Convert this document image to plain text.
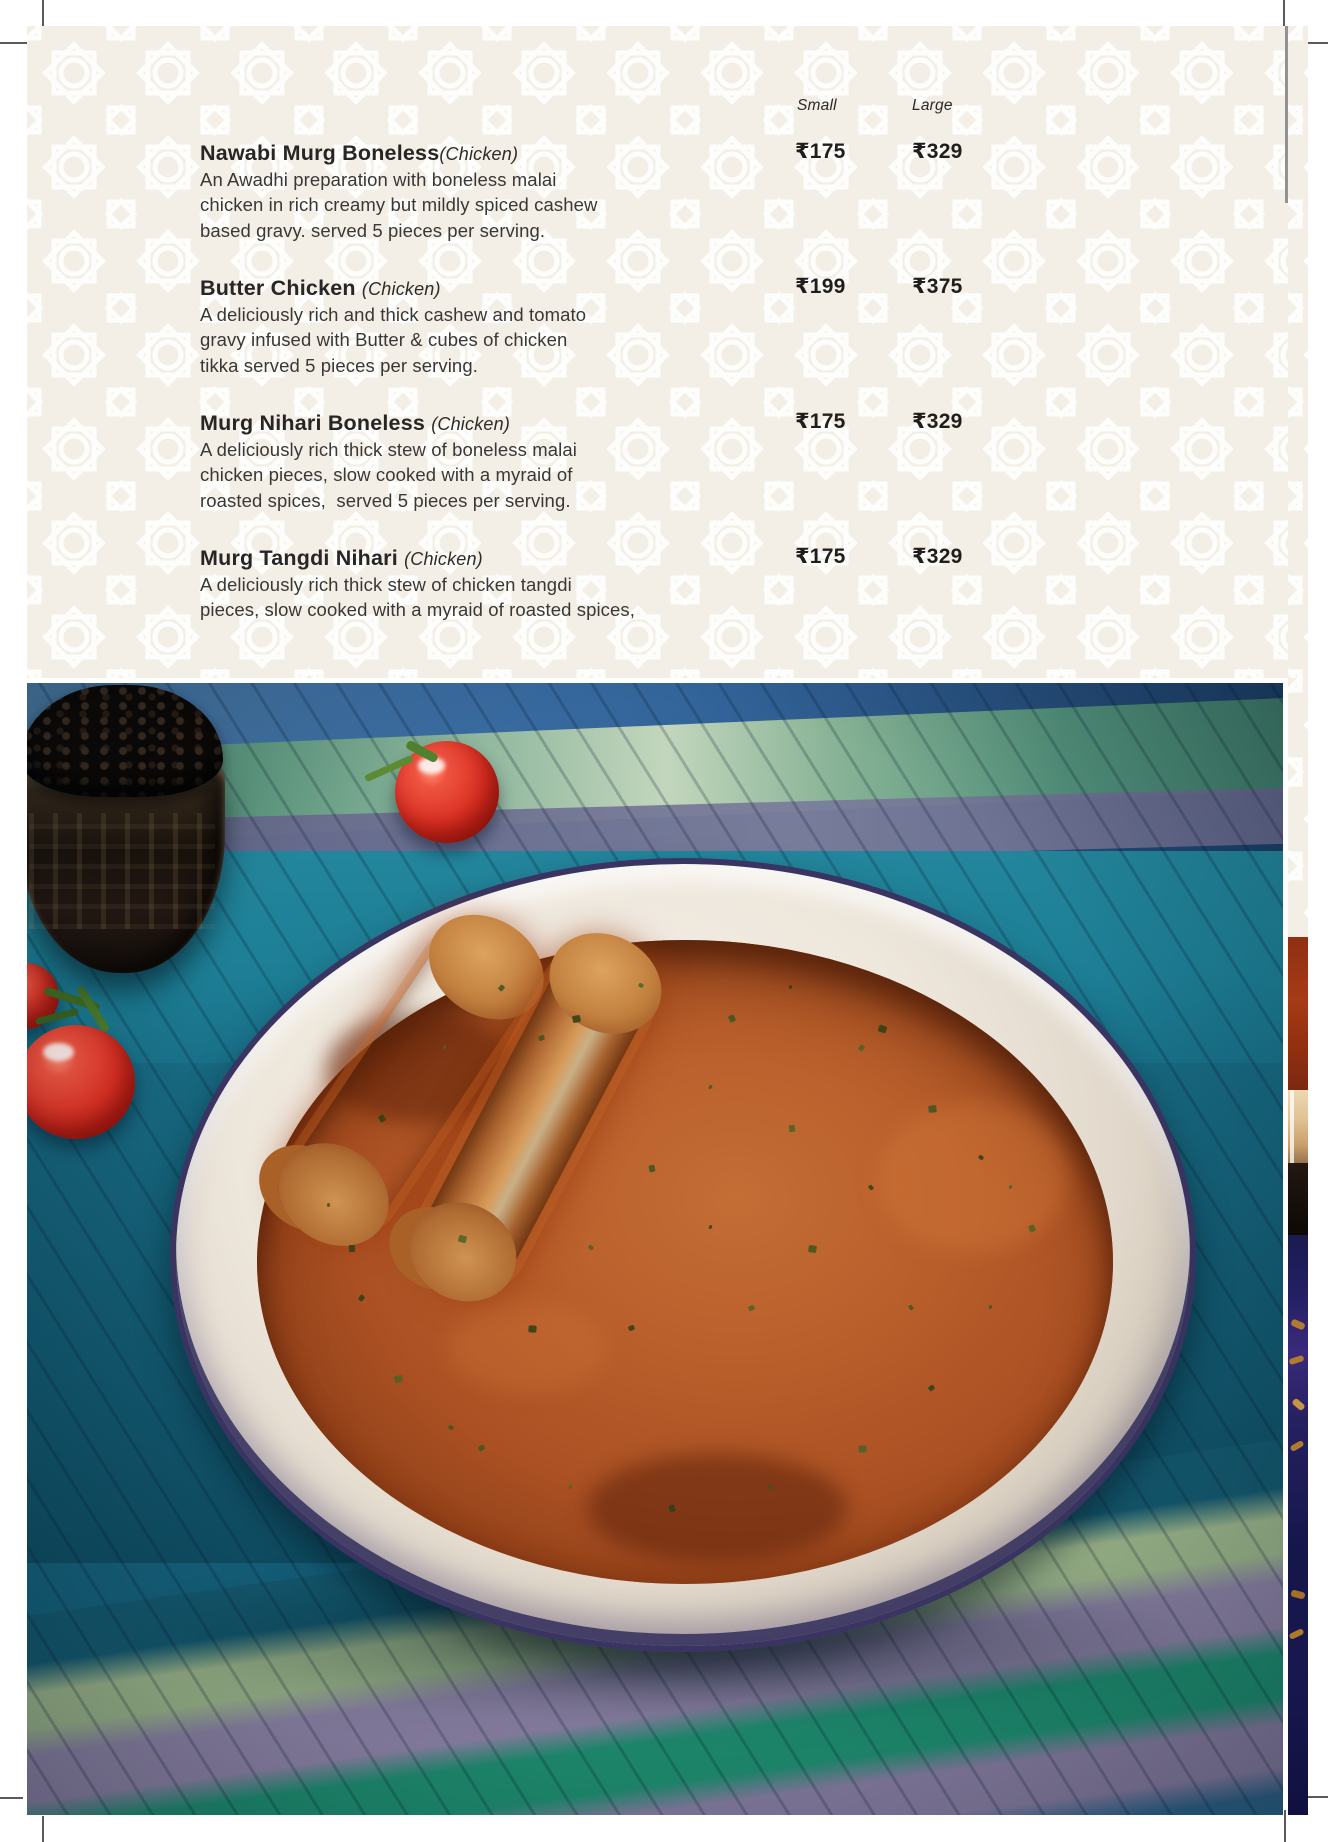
Small	Large
Nawabi Murg Boneless(Chicken)
An Awadhi preparation with boneless malai
chicken in rich creamy but mildly spiced cashew
based gravy. served 5 pieces per serving.
₹175	₹329
Butter Chicken (Chicken)
A deliciously rich and thick cashew and tomato
gravy infused with Butter & cubes of chicken
tikka served 5 pieces per serving.
₹199	₹375
Murg Nihari Boneless (Chicken)
A deliciously rich thick stew of boneless malai
chicken pieces, slow cooked with a myraid of
roasted spices,  served 5 pieces per serving.
₹175	₹329
Murg Tangdi Nihari (Chicken)
A deliciously rich thick stew of chicken tangdi
pieces, slow cooked with a myraid of roasted spices,
₹175	₹329
